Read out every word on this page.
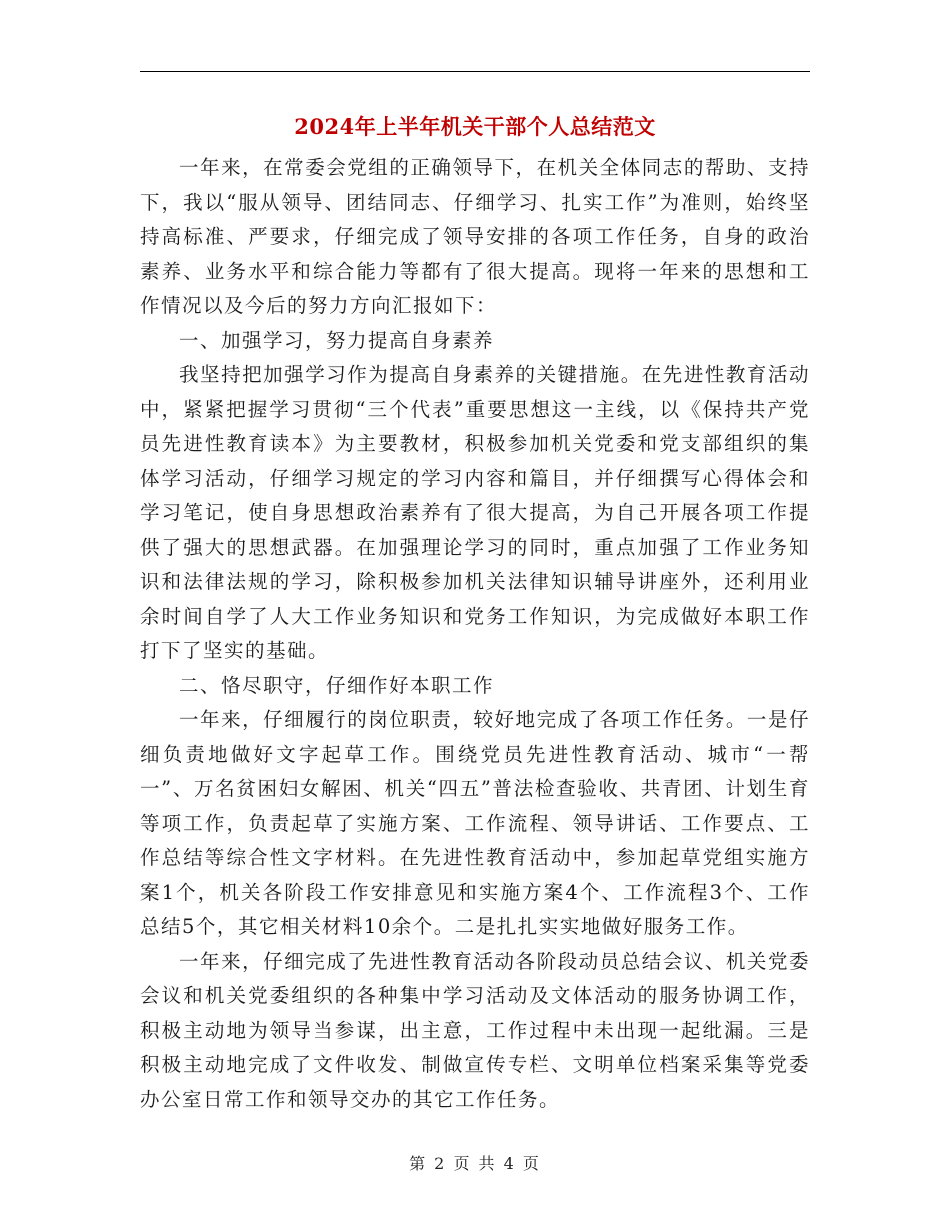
2024年上半年机关干部个人总结范文

一年来，在常委会党组的正确领导下，在机关全体同志的帮助、支持下，我以“服从领导、团结同志、仔细学习、扎实工作”为准则，始终坚持高标准、严要求，仔细完成了领导安排的各项工作任务，自身的政治素养、业务水平和综合能力等都有了很大提高。现将一年来的思想和工作情况以及今后的努力方向汇报如下：

一、加强学习，努力提高自身素养

我坚持把加强学习作为提高自身素养的关键措施。在先进性教育活动中，紧紧把握学习贯彻“三个代表”重要思想这一主线，以《保持共产党员先进性教育读本》为主要教材，积极参加机关党委和党支部组织的集体学习活动，仔细学习规定的学习内容和篇目，并仔细撰写心得体会和学习笔记，使自身思想政治素养有了很大提高，为自己开展各项工作提供了强大的思想武器。在加强理论学习的同时，重点加强了工作业务知识和法律法规的学习，除积极参加机关法律知识辅导讲座外，还利用业余时间自学了人大工作业务知识和党务工作知识，为完成做好本职工作打下了坚实的基础。

二、恪尽职守，仔细作好本职工作

一年来，仔细履行的岗位职责，较好地完成了各项工作任务。一是仔细负责地做好文字起草工作。围绕党员先进性教育活动、城市“一帮一”、万名贫困妇女解困、机关“四五”普法检查验收、共青团、计划生育等项工作，负责起草了实施方案、工作流程、领导讲话、工作要点、工作总结等综合性文字材料。在先进性教育活动中，参加起草党组实施方案1个，机关各阶段工作安排意见和实施方案4个、工作流程3个、工作总结5个，其它相关材料10余个。二是扎扎实实地做好服务工作。

一年来，仔细完成了先进性教育活动各阶段动员总结会议、机关党委会议和机关党委组织的各种集中学习活动及文体活动的服务协调工作，积极主动地为领导当参谋，出主意，工作过程中未出现一起纰漏。三是积极主动地完成了文件收发、制做宣传专栏、文明单位档案采集等党委办公室日常工作和领导交办的其它工作任务。

第 2 页 共 4 页
